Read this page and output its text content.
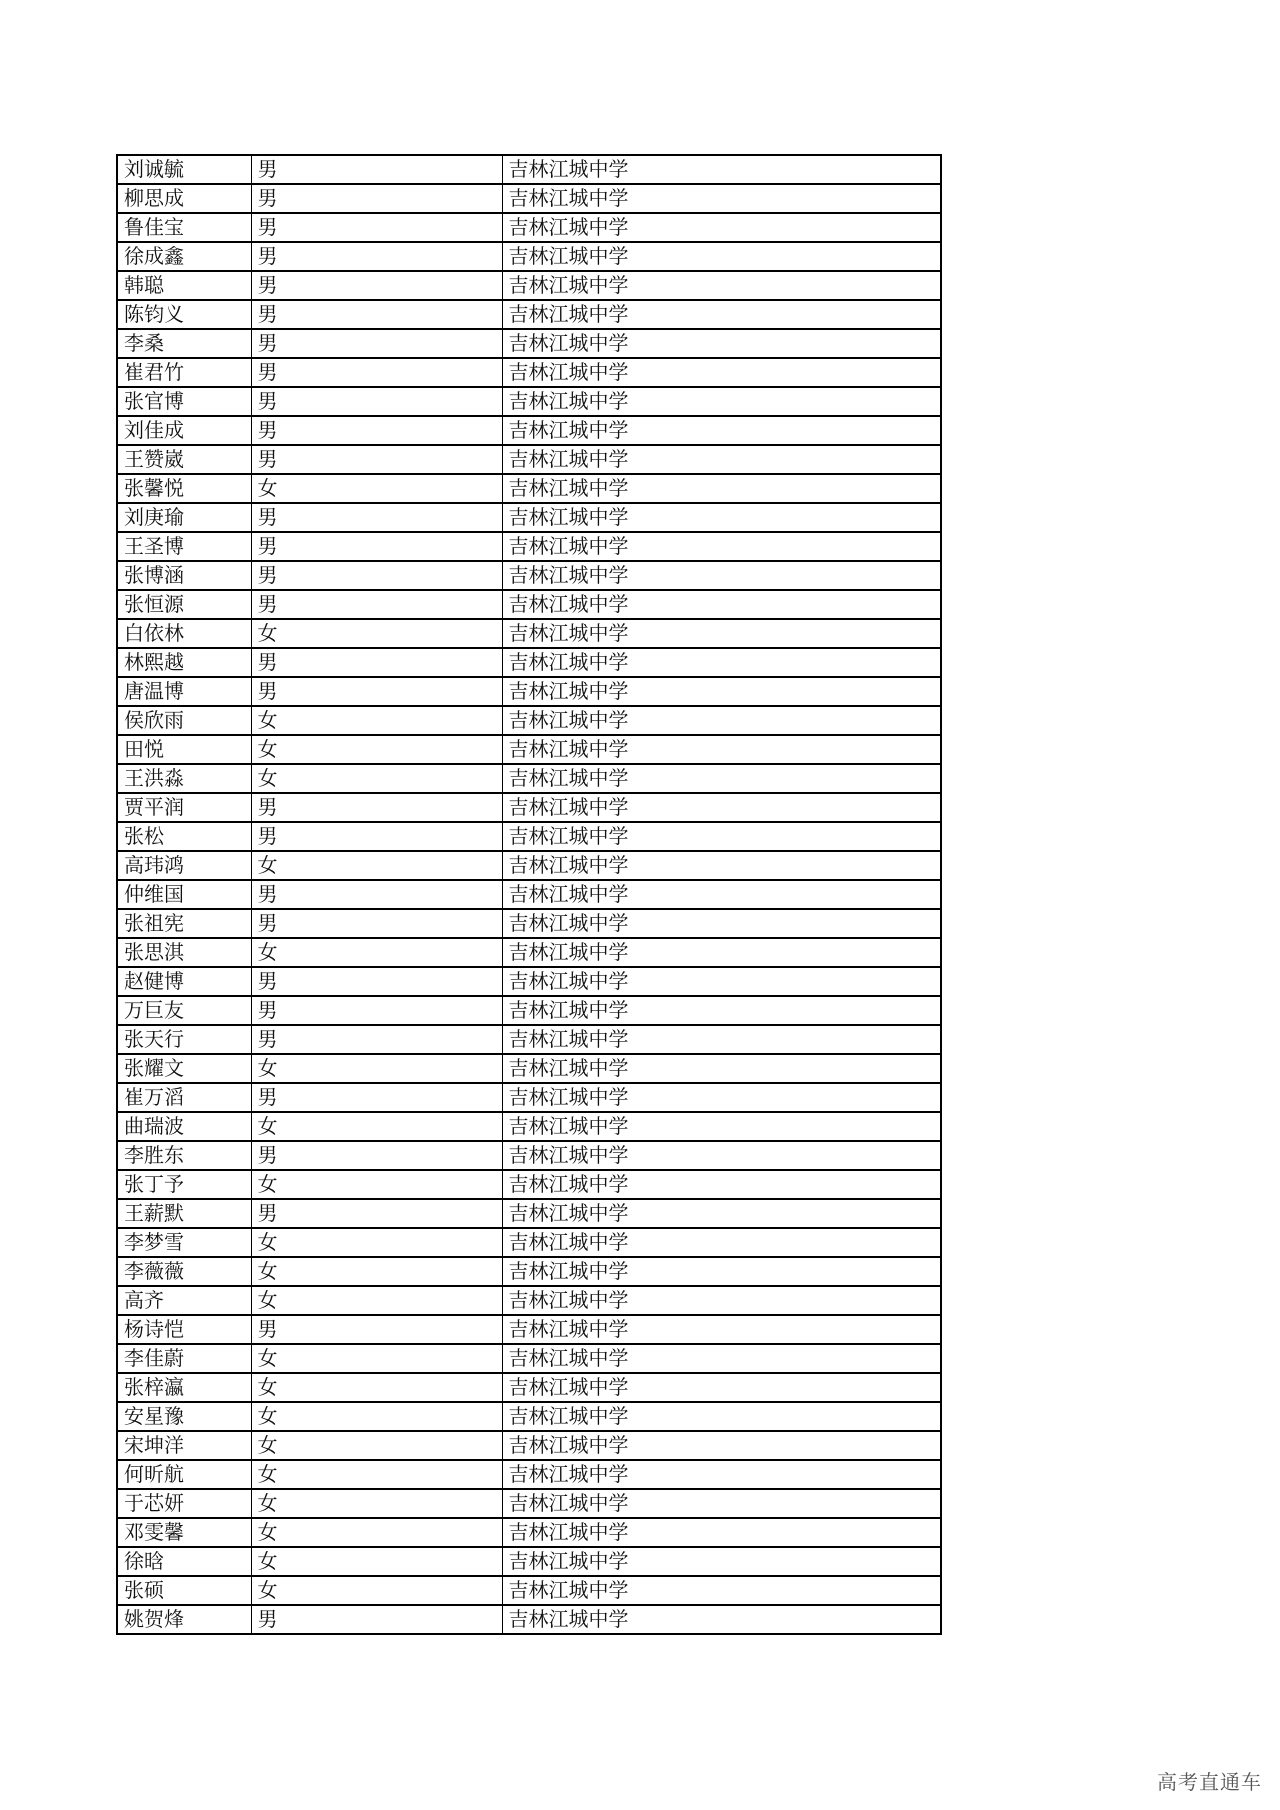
刘诚毓	男	吉林江城中学
柳思成	男	吉林江城中学
鲁佳宝	男	吉林江城中学
徐成鑫	男	吉林江城中学
韩聪	男	吉林江城中学
陈钧义	男	吉林江城中学
李桑	男	吉林江城中学
崔君竹	男	吉林江城中学
张官博	男	吉林江城中学
刘佳成	男	吉林江城中学
王赞崴	男	吉林江城中学
张馨悦	女	吉林江城中学
刘庚瑜	男	吉林江城中学
王圣博	男	吉林江城中学
张博涵	男	吉林江城中学
张恒源	男	吉林江城中学
白依林	女	吉林江城中学
林熙越	男	吉林江城中学
唐温博	男	吉林江城中学
侯欣雨	女	吉林江城中学
田悦	女	吉林江城中学
王洪淼	女	吉林江城中学
贾平润	男	吉林江城中学
张松	男	吉林江城中学
高玮鸿	女	吉林江城中学
仲维国	男	吉林江城中学
张祖宪	男	吉林江城中学
张思淇	女	吉林江城中学
赵健博	男	吉林江城中学
万巨友	男	吉林江城中学
张天行	男	吉林江城中学
张耀文	女	吉林江城中学
崔万滔	男	吉林江城中学
曲瑞波	女	吉林江城中学
李胜东	男	吉林江城中学
张丁予	女	吉林江城中学
王薪默	男	吉林江城中学
李梦雪	女	吉林江城中学
李薇薇	女	吉林江城中学
高齐	女	吉林江城中学
杨诗恺	男	吉林江城中学
李佳蔚	女	吉林江城中学
张梓瀛	女	吉林江城中学
安星豫	女	吉林江城中学
宋坤洋	女	吉林江城中学
何昕航	女	吉林江城中学
于芯妍	女	吉林江城中学
邓雯馨	女	吉林江城中学
徐晗	女	吉林江城中学
张硕	女	吉林江城中学
姚贺烽	男	吉林江城中学
高考直通车
